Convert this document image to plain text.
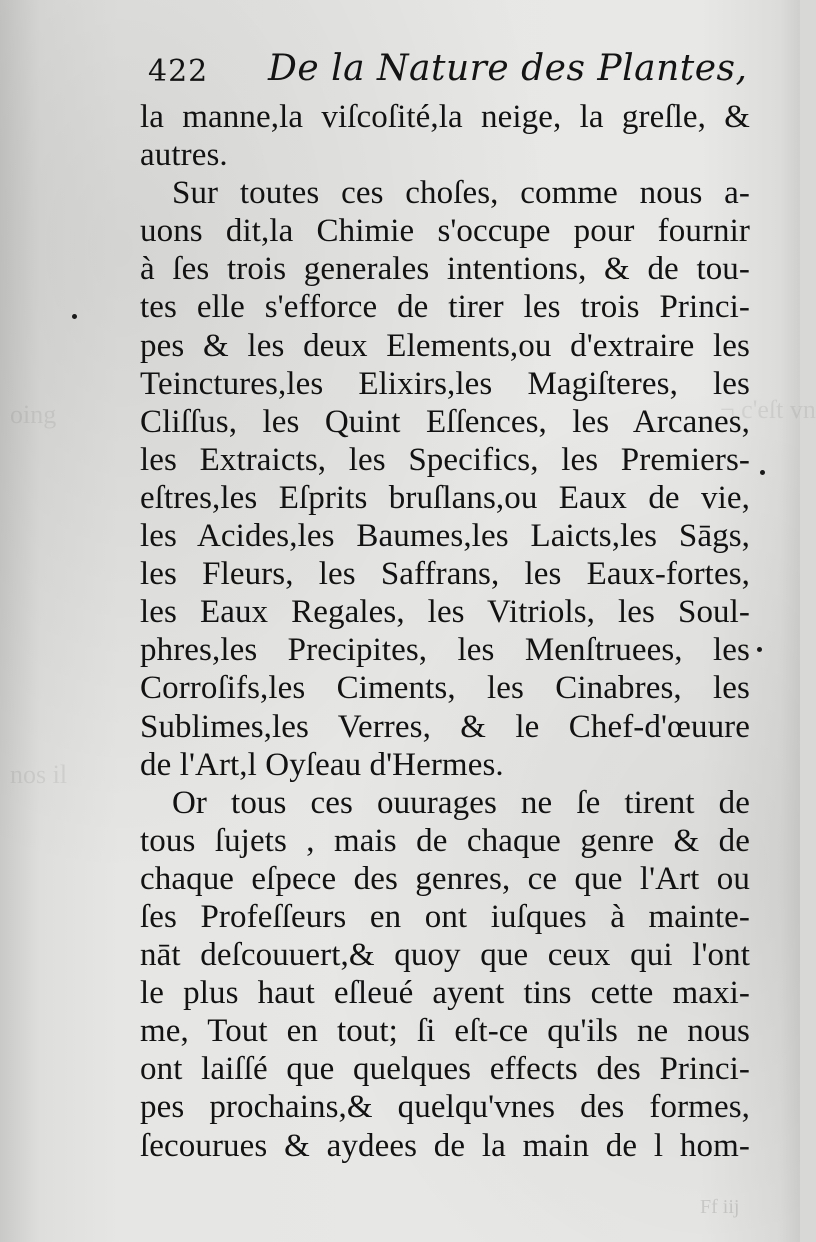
¬ c'eſt vn
oing
nos il
422 De la Nature des Plantes,
la manne,la viſcoſité,la neige, la greſle, &
autres.
Sur toutes ces choſes, comme nous a-
uons dit,la Chimie s'occupe pour fournir
à ſes trois generales intentions, & de tou-
tes elle s'efforce de tirer les trois Princi-
pes & les deux Elements,ou d'extraire les
Teinctures,les Elixirs,les Magiſteres, les
Cliſſus, les Quint Eſſences, les Arcanes,
les Extraicts, les Specifics, les Premiers-
eſtres,les Eſprits bruſlans,ou Eaux de vie,
les Acides,les Baumes,les Laicts,les Sāgs,
les Fleurs, les Saffrans, les Eaux-fortes,
les Eaux Regales, les Vitriols, les Soul-
phres,les Precipites, les Menſtruees, les
Corroſifs,les Ciments, les Cinabres, les
Sublimes,les Verres, & le Chef-d'œuure
de l'Art,l Oyſeau d'Hermes.
Or tous ces ouurages ne ſe tirent de
tous ſujets , mais de chaque genre & de
chaque eſpece des genres, ce que l'Art ou
ſes Profeſſeurs en ont iuſques à mainte-
nāt deſcouuert,& quoy que ceux qui l'ont
le plus haut eſleué ayent tins cette maxi-
me, Tout en tout; ſi eſt-ce qu'ils ne nous
ont laiſſé que quelques effects des Princi-
pes prochains,& quelqu'vnes des formes,
ſecourues & aydees de la main de l hom-
Ff iij
